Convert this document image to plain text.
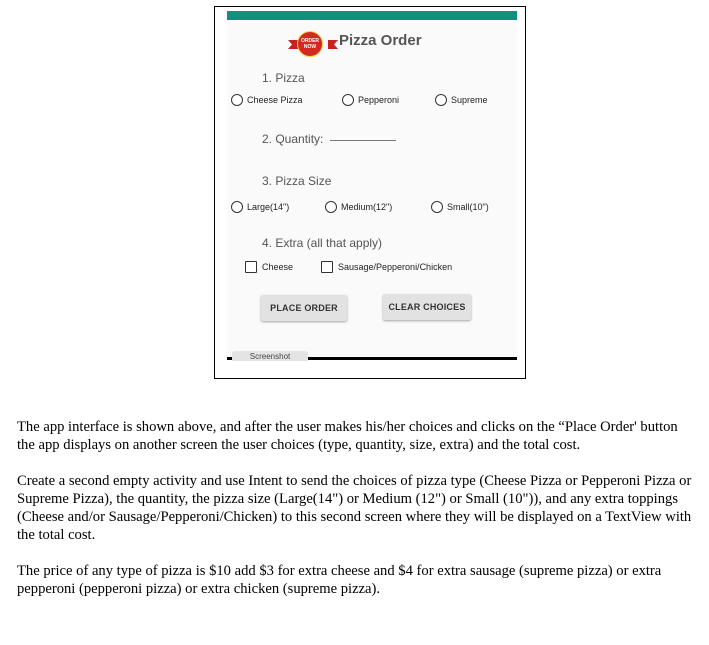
ORDER
NOW	Pizza Order
1. Pizza
Cheese Pizza	Pepperoni	Supreme
2. Quantity:
3. Pizza Size
Large(14")	Medium(12")	Small(10")
4. Extra (all that apply)
Cheese	Sausage/Pepperoni/Chicken
PLACE ORDER	CLEAR CHOICES
Screenshot

The app interface is shown above, and after the user makes his/her choices and clicks on the “Place Order' button the app displays on another screen the user choices (type, quantity, size, extra) and the total cost.

Create a second empty activity and use Intent to send the choices of pizza type (Cheese Pizza or Pepperoni Pizza or Supreme Pizza), the quantity, the pizza size (Large(14") or Medium (12") or Small (10")), and any extra toppings (Cheese and/or Sausage/Pepperoni/Chicken) to this second screen where they will be displayed on a TextView with the total cost.

The price of any type of pizza is $10 add $3 for extra cheese and $4 for extra sausage (supreme pizza) or extra pepperoni (pepperoni pizza) or extra chicken (supreme pizza).
